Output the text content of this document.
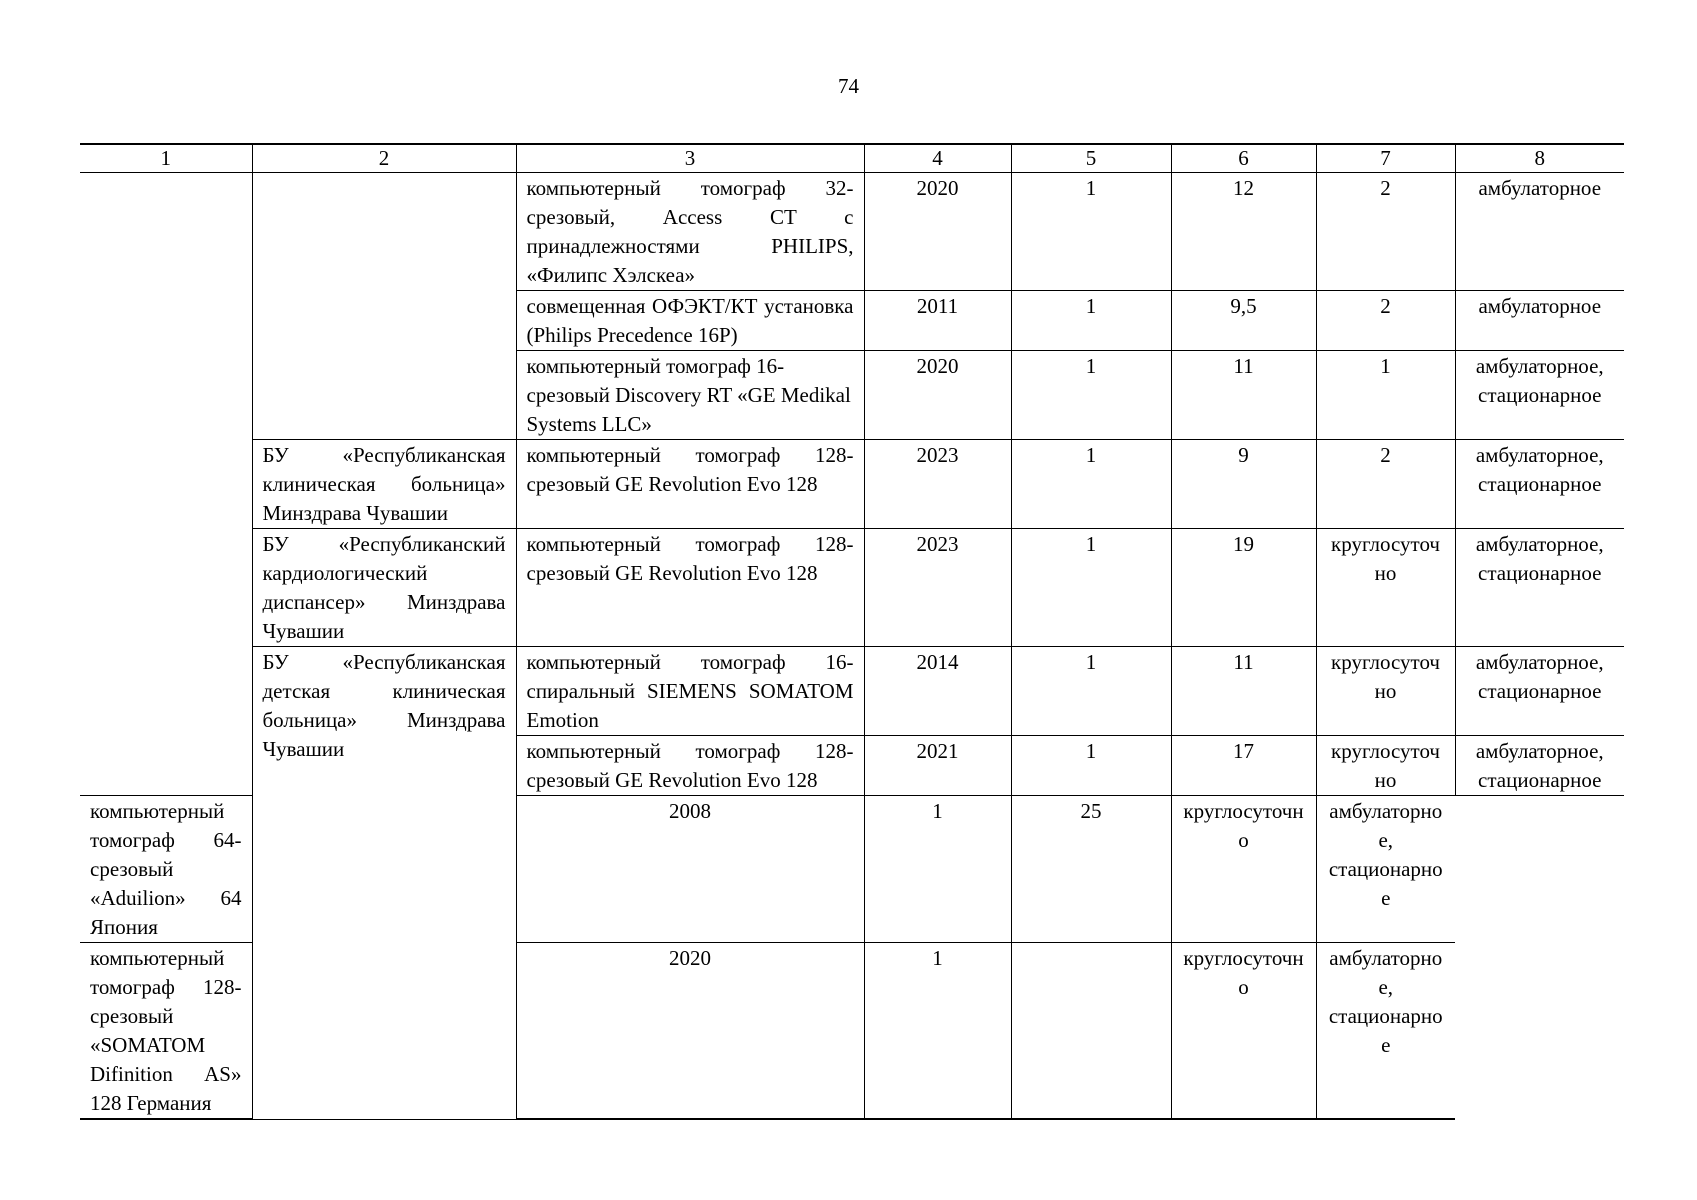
74
1	2	3	4	5	6	7	8
		компьютерный томограф 32-срезовый, Access CT с принадлежностями PHILIPS, «Филипс Хэлскеа»	2020	1	12	2	амбулаторное
		совмещенная ОФЭКТ/КТ установка (Philips Precedence 16P)	2011	1	9,5	2	амбулаторное
		компьютерный томограф 16-срезовый Discovery RT «GE Medikal Systems LLC»	2020	1	11	1	амбулаторное, стационарное
	БУ «Республиканская клиническая больница» Минздрава Чувашии	компьютерный томограф 128-срезовый GE Revolution Evo 128	2023	1	9	2	амбулаторное, стационарное
	БУ «Республиканский кардиологический диспансер» Минздрава Чувашии	компьютерный томограф 128-срезовый GE Revolution Evo 128	2023	1	19	круглосуточно	амбулаторное, стационарное
	БУ «Республиканская детская клиническая больница» Минздрава Чувашии	компьютерный томограф 16-спиральный SIEMENS SOMATOM Emotion	2014	1	11	круглосуточно	амбулаторное, стационарное
		компьютерный томограф 128-срезовый GE Revolution Evo 128	2021	1	17	круглосуточно	амбулаторное, стационарное
компьютерный томограф 64-срезовый «Aduilion» 64 Япония		2008	1	25	круглосуточно	амбулаторное, стационарное	
компьютерный томограф 128-срезовый «SOMATOM Difinition AS» 128 Германия		2020	1		круглосуточно	амбулаторное, стационарное	
